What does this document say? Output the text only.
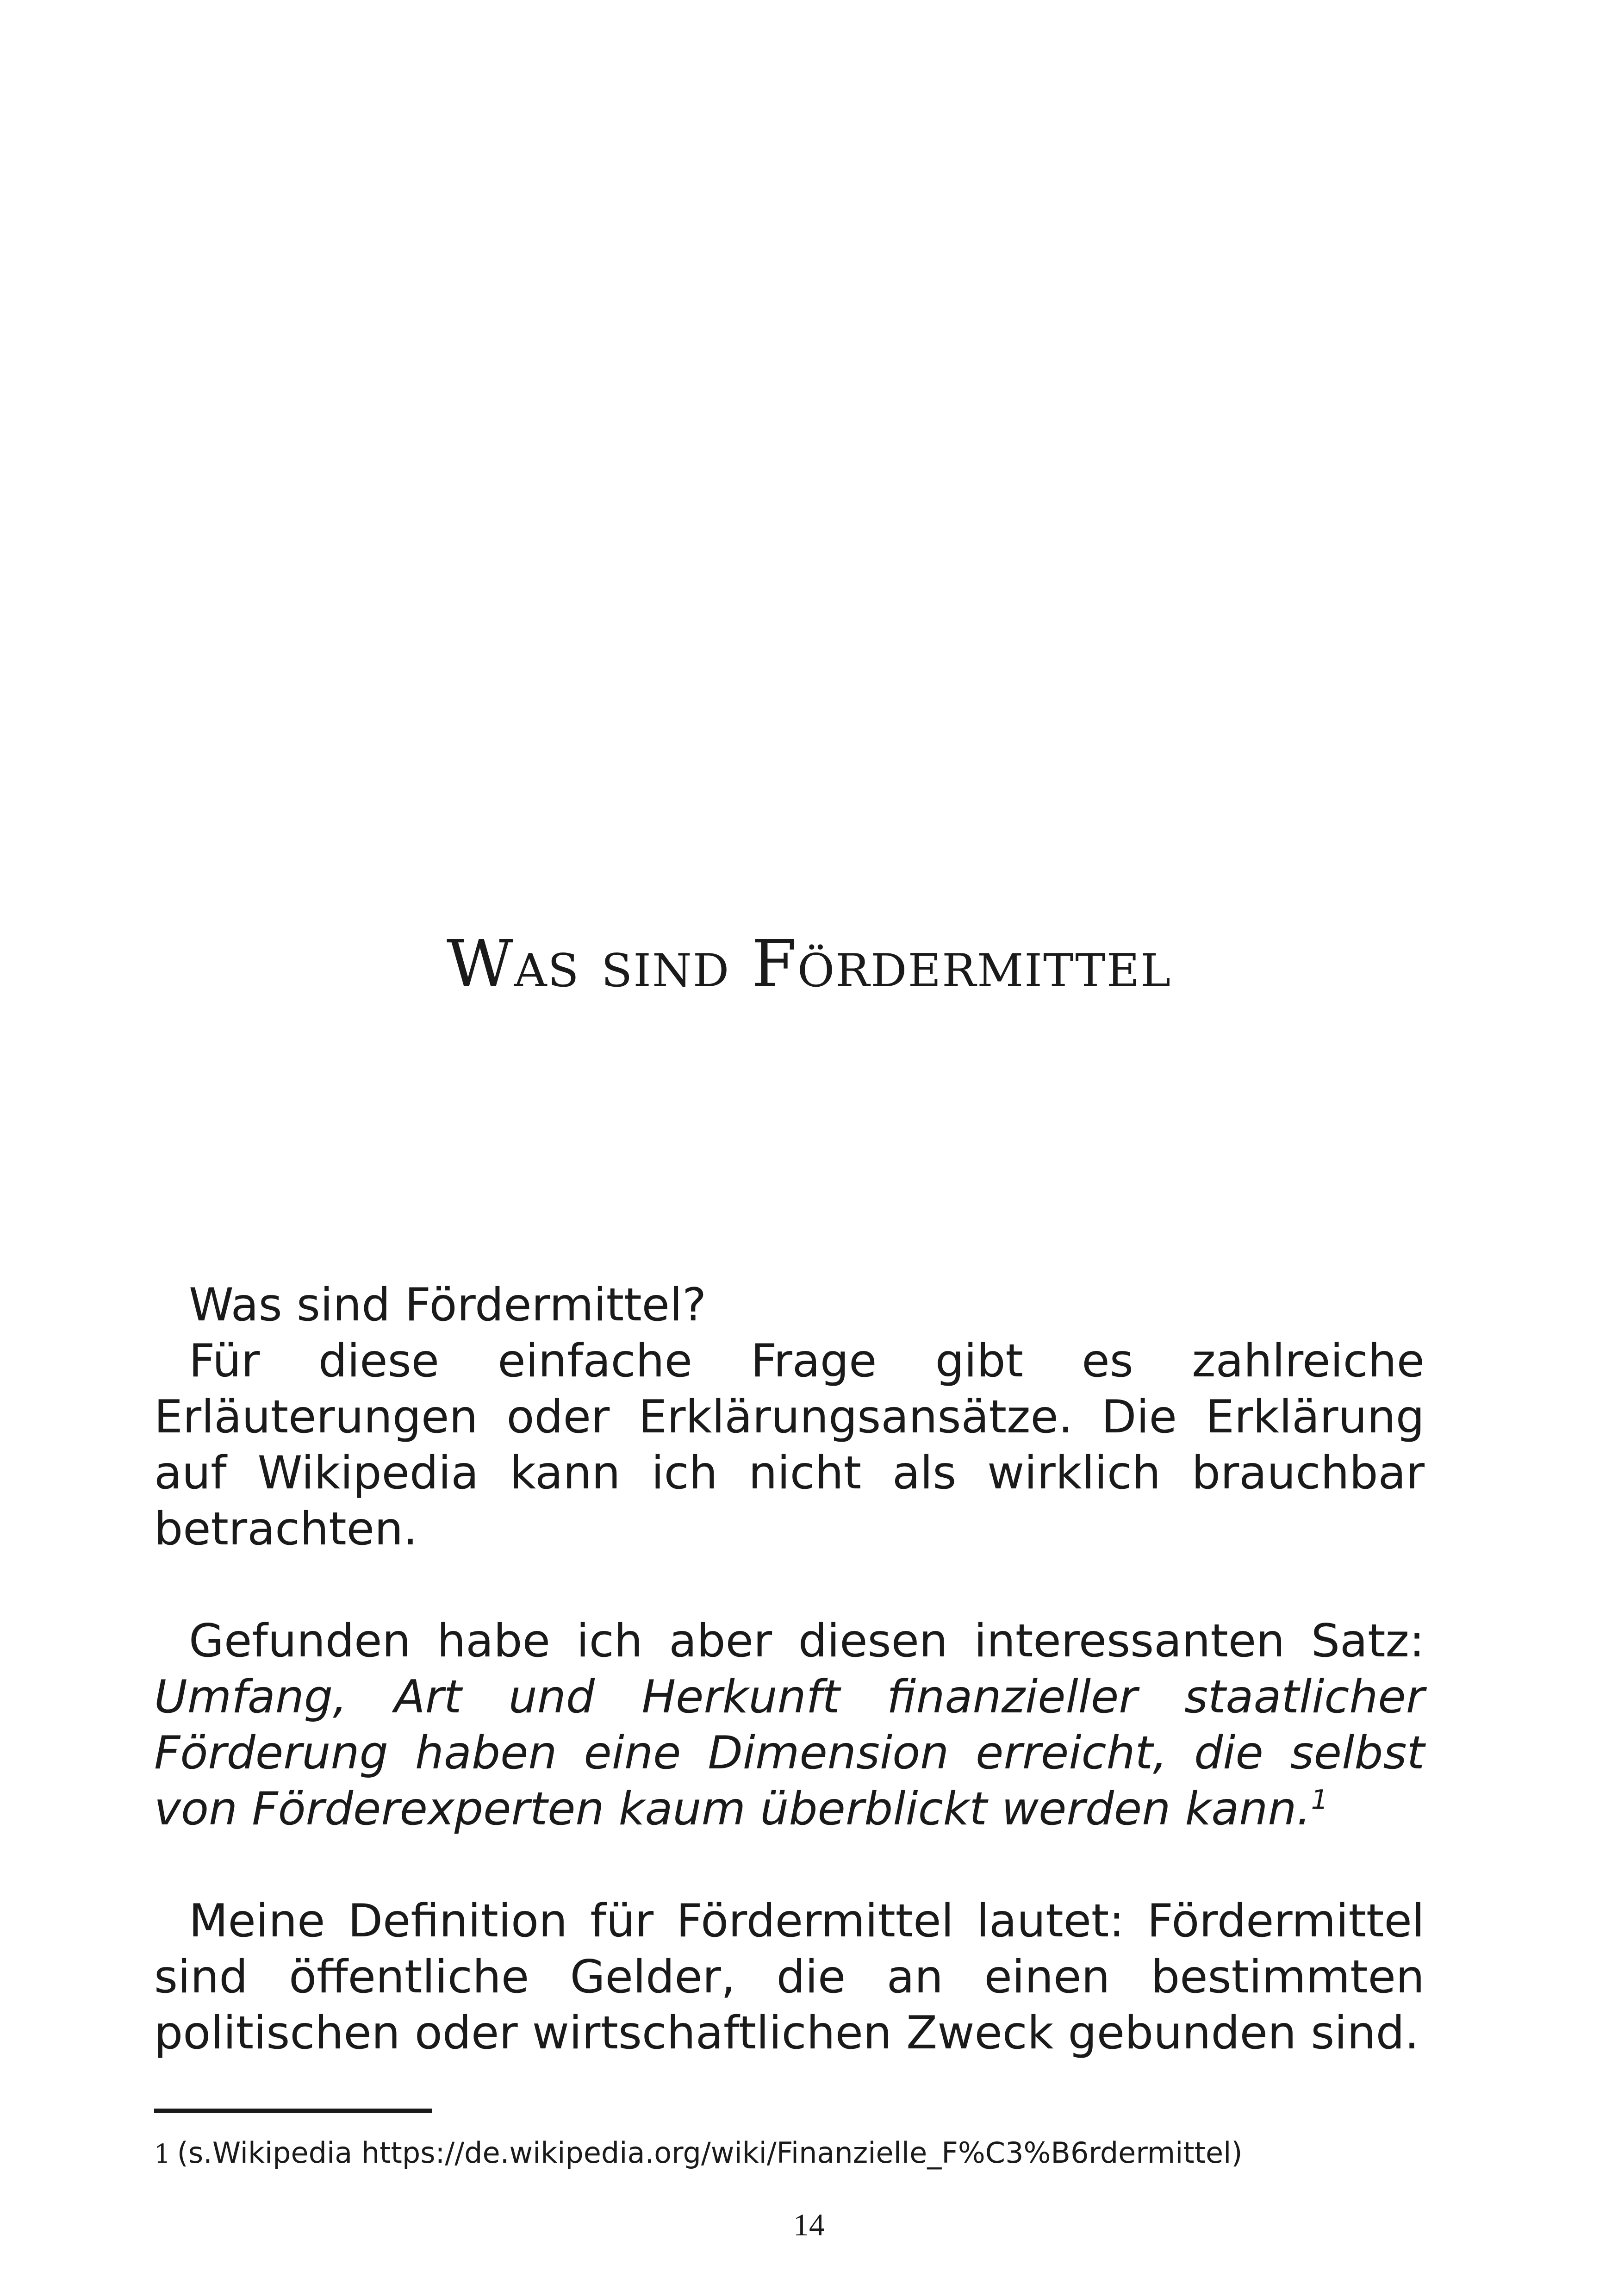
Was sind Fördermittel

Was sind Fördermittel?

Für diese einfache Frage gibt es zahlreiche Erläuterungen oder Erklärungsansätze. Die Erklärung auf Wikipedia kann ich nicht als wirklich brauchbar betrachten.

Gefunden habe ich aber diesen interessanten Satz: Umfang, Art und Herkunft finanzieller staatlicher Förderung haben eine Dimension erreicht, die selbst von Förderexperten kaum überblickt werden kann.$^1$

Meine Definition für Fördermittel lautet: Fördermittel sind öffentliche Gelder, die an einen bestimmten politischen oder wirtschaftlichen Zweck gebunden sind.

1 (s.Wikipedia https://de.wikipedia.org/wiki/Finanzielle_F%C3%B6rdermittel)
14
